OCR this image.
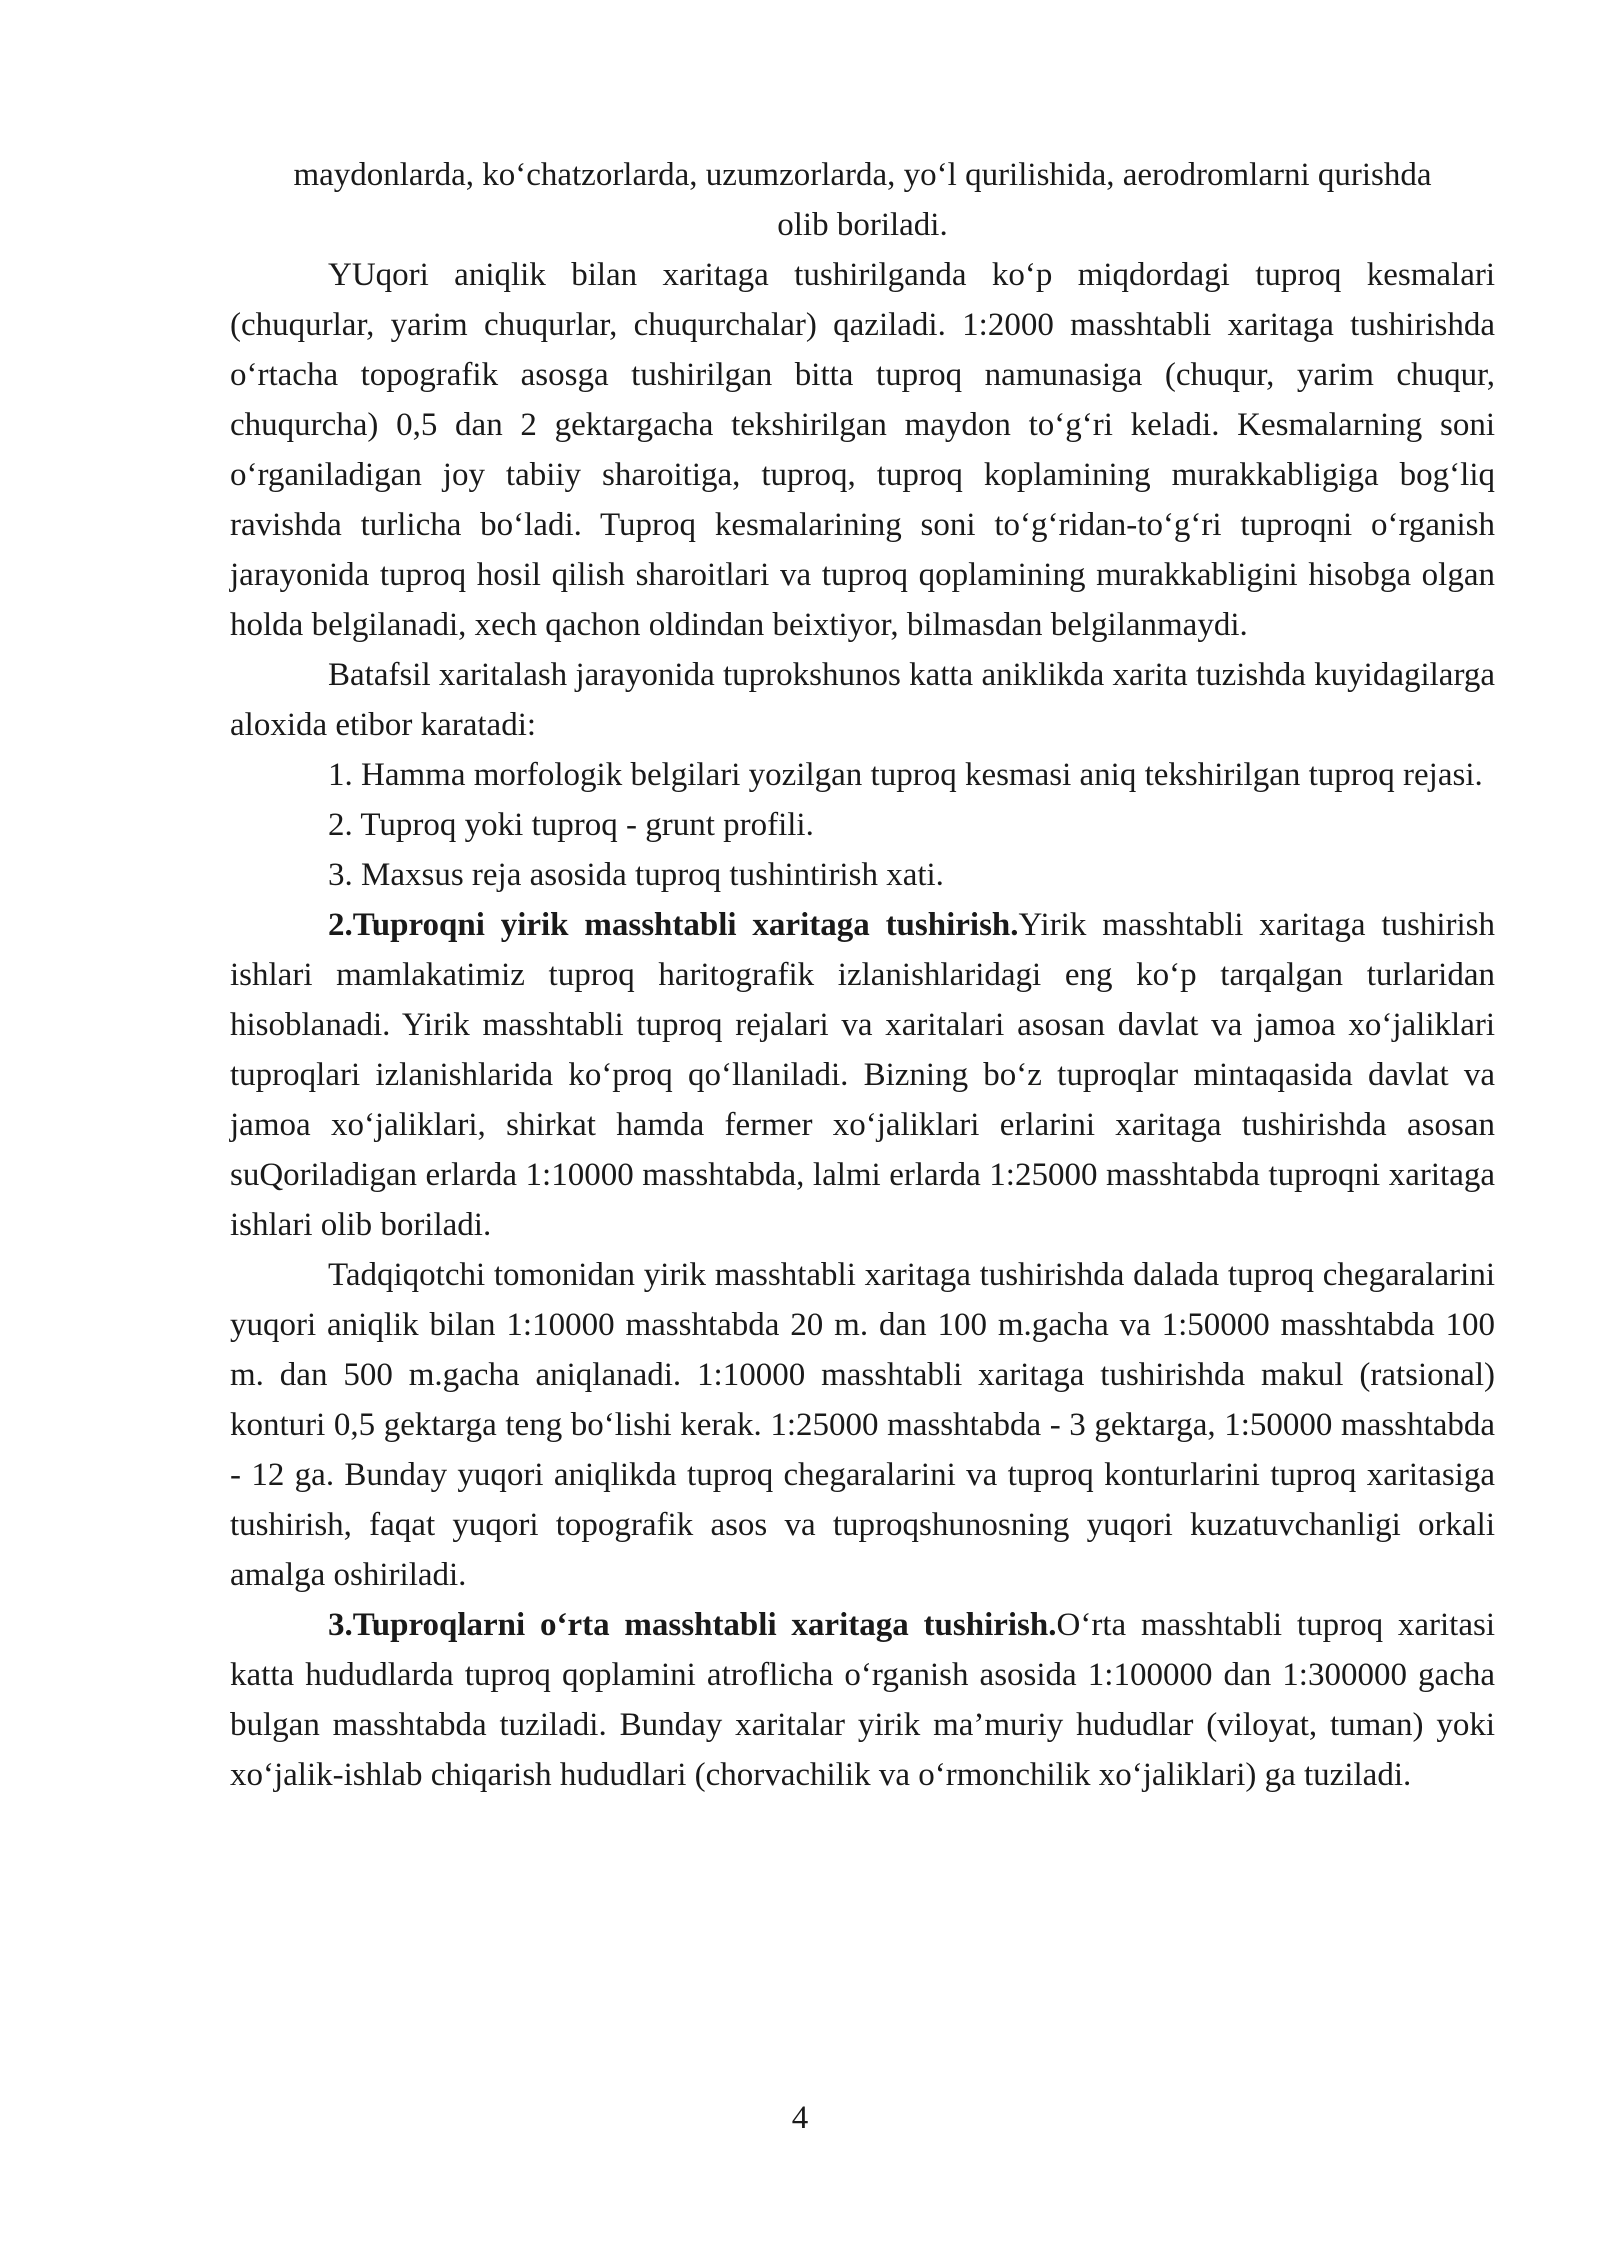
maydonlarda, ko‘chatzorlarda, uzumzorlarda, yo‘l qurilishida, aerodromlarni qurishda olib boriladi.

YUqori aniqlik bilan xaritaga tushirilganda ko‘p miqdordagi tuproq kesmalari (chuqurlar, yarim chuqurlar, chuqurchalar) qaziladi. 1:2000 masshtabli xaritaga tushirishda o‘rtacha topografik asosga tushirilgan bitta tuproq namunasiga (chuqur, yarim chuqur, chuqurcha) 0,5 dan 2 gektargacha tekshirilgan maydon to‘g‘ri keladi. Kesmalarning soni o‘rganiladigan joy tabiiy sharoitiga, tuproq, tuproq koplamining murakkabligiga bog‘liq ravishda turlicha bo‘ladi. Tuproq kesmalarining soni to‘g‘ridan-to‘g‘ri tuproqni o‘rganish jarayonida tuproq hosil qilish sharoitlari va tuproq qoplamining murakkabligini hisobga olgan holda belgilanadi, xech qachon oldindan beixtiyor, bilmasdan belgilanmaydi.

Batafsil xaritalash jarayonida tuprokshunos katta aniklikda xarita tuzishda kuyidagilarga aloxida etibor karatadi:

1. Hamma morfologik belgilari yozilgan tuproq kesmasi aniq tekshirilgan tuproq rejasi.

2. Tuproq yoki tuproq - grunt profili.

3. Maxsus reja asosida tuproq tushintirish xati.

2.Tuproqni yirik masshtabli xaritaga tushirish.Yirik masshtabli xaritaga tushirish ishlari mamlakatimiz tuproq haritografik izlanishlaridagi eng ko‘p tarqalgan turlaridan hisoblanadi. Yirik masshtabli tuproq rejalari va xaritalari asosan davlat va jamoa xo‘jaliklari tuproqlari izlanishlarida ko‘proq qo‘llaniladi. Bizning bo‘z tuproqlar mintaqasida davlat va jamoa xo‘jaliklari, shirkat hamda fermer xo‘jaliklari erlarini xaritaga tushirishda asosan suQoriladigan erlarda 1:10000 masshtabda, lalmi erlarda 1:25000 masshtabda tuproqni xaritaga ishlari olib boriladi.

Tadqiqotchi tomonidan yirik masshtabli xaritaga tushirishda dalada tuproq chegaralarini yuqori aniqlik bilan 1:10000 masshtabda 20 m. dan 100 m.gacha va 1:50000 masshtabda 100 m. dan 500 m.gacha aniqlanadi. 1:10000 masshtabli xaritaga tushirishda makul (ratsional) konturi 0,5 gektarga teng bo‘lishi kerak. 1:25000 masshtabda - 3 gektarga, 1:50000 masshtabda - 12 ga. Bunday yuqori aniqlikda tuproq chegaralarini va tuproq konturlarini tuproq xaritasiga tushirish, faqat yuqori topografik asos va tuproqshunosning yuqori kuzatuvchanligi orkali amalga oshiriladi.

3.Tuproqlarni o‘rta masshtabli xaritaga tushirish.O‘rta masshtabli tuproq xaritasi katta hududlarda tuproq qoplamini atroflicha o‘rganish asosida 1:100000 dan 1:300000 gacha bulgan masshtabda tuziladi. Bunday xaritalar yirik ma’muriy hududlar (viloyat, tuman) yoki xo‘jalik-ishlab chiqarish hududlari (chorvachilik va o‘rmonchilik xo‘jaliklari) ga tuziladi.

4
